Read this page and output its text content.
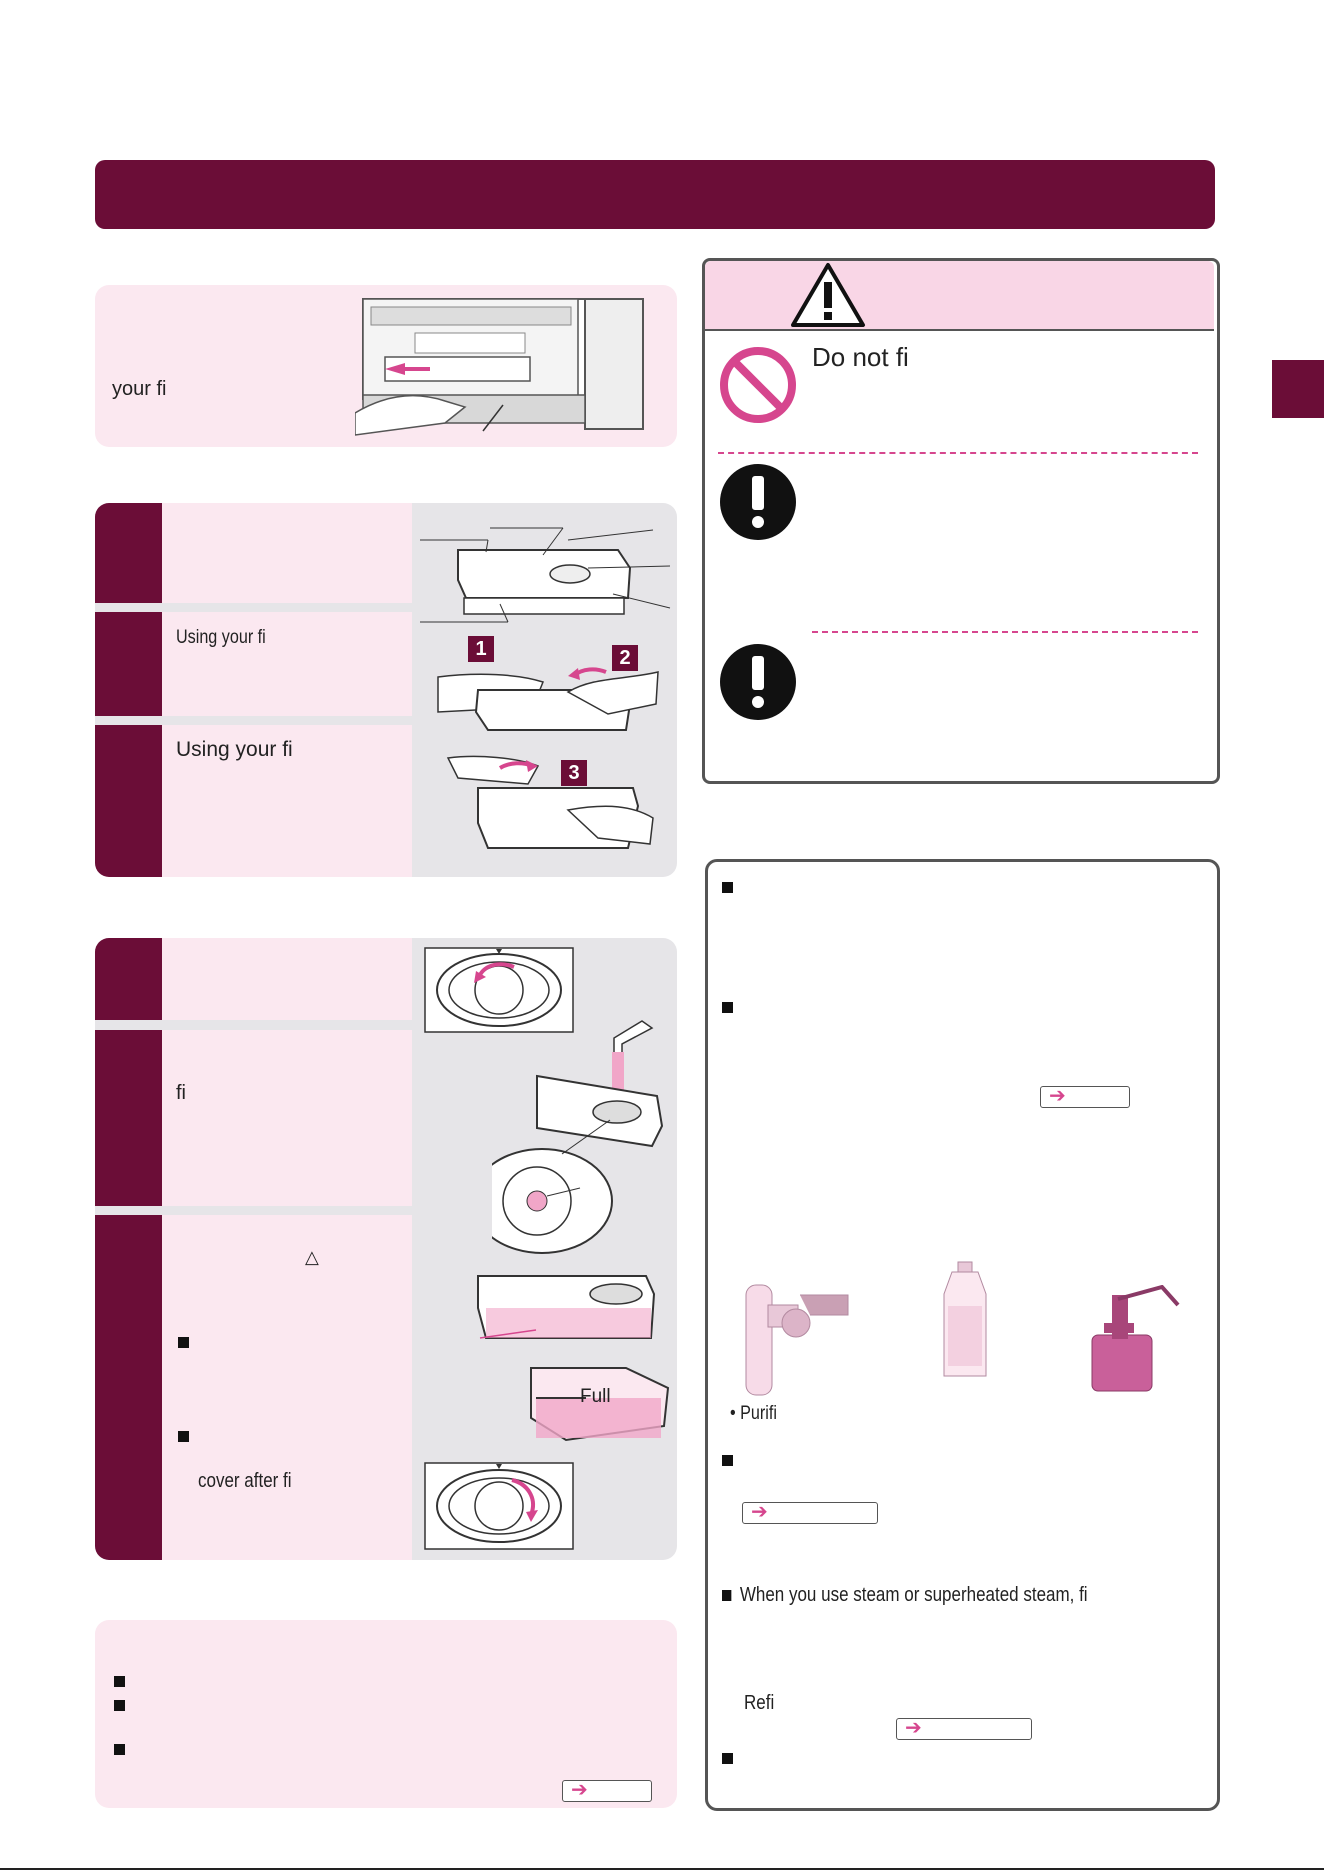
your fi
Using your fi
Using your fi
1	2
3
fi
△
cover after fi
Full
➔
Do not fi
➔
• Purifi
➔
When you use steam or superheated steam, fi
Refi
➔
